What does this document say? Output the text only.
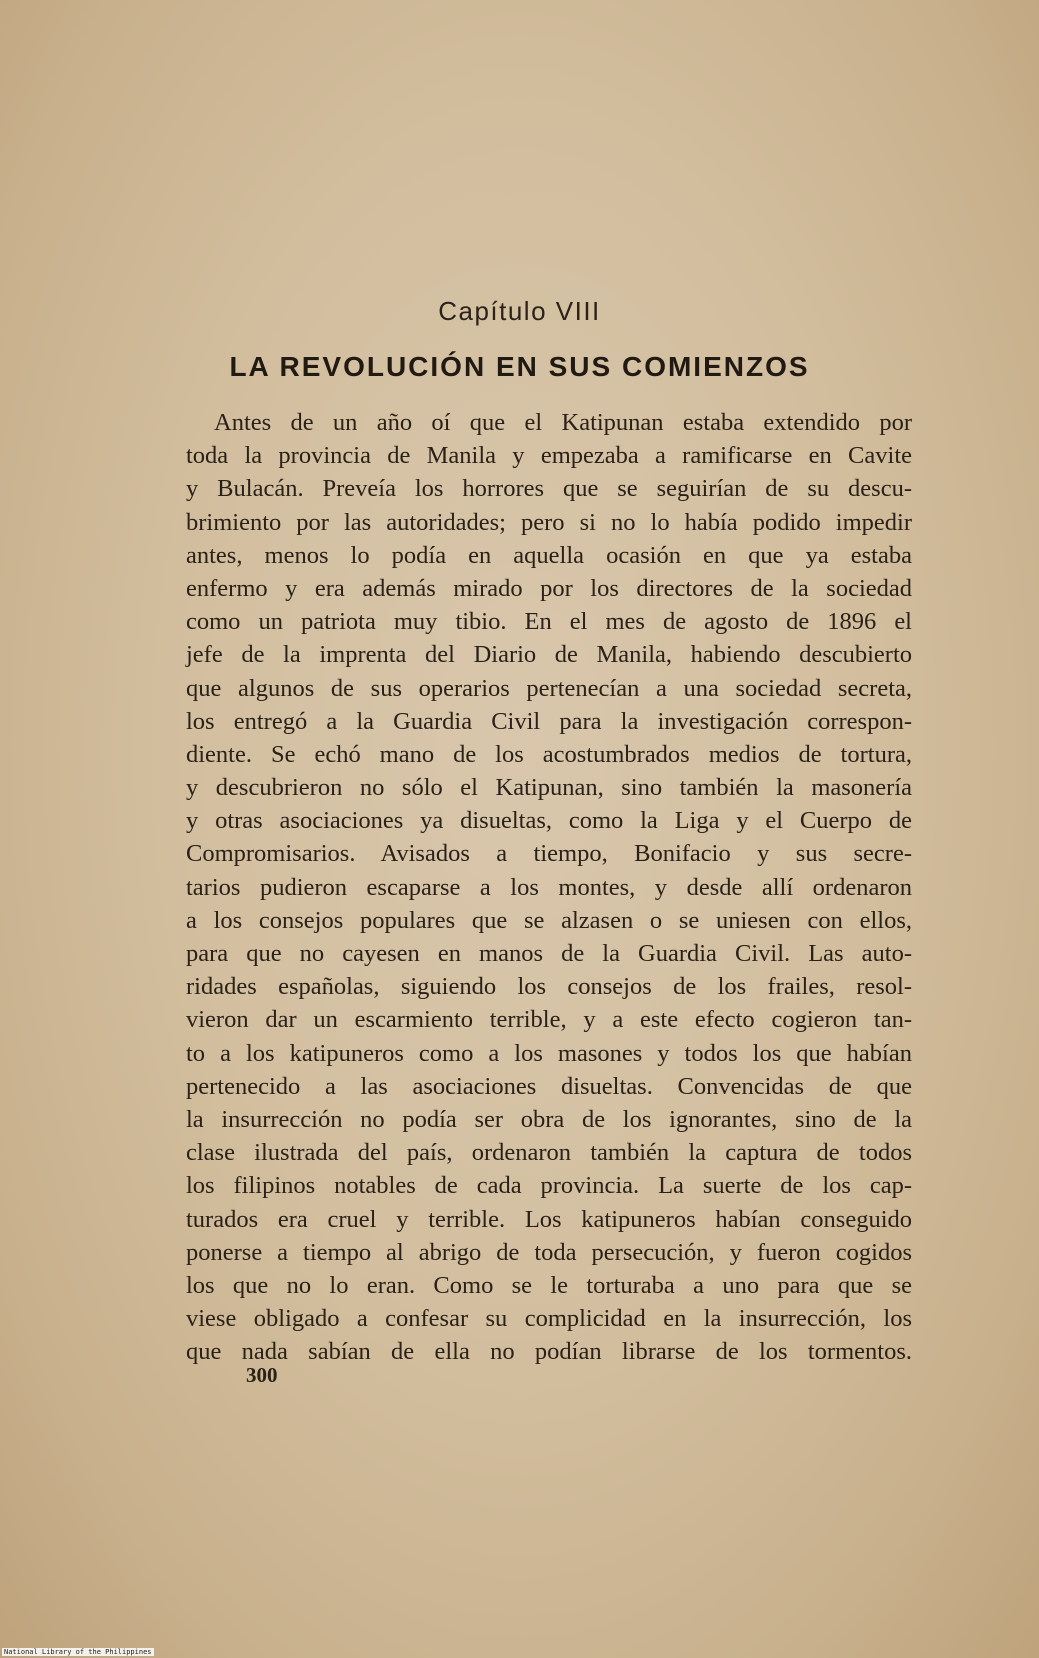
Capítulo VIII
LA REVOLUCIÓN EN SUS COMIENZOS
Antes de un año oí que el Katipunan estaba extendido por
toda la provincia de Manila y empezaba a ramificarse en Cavite
y Bulacán. Preveía los horrores que se seguirían de su descu-
brimiento por las autoridades; pero si no lo había podido impedir
antes, menos lo podía en aquella ocasión en que ya estaba
enfermo y era además mirado por los directores de la sociedad
como un patriota muy tibio. En el mes de agosto de 1896 el
jefe de la imprenta del Diario de Manila, habiendo descubierto
que algunos de sus operarios pertenecían a una sociedad secreta,
los entregó a la Guardia Civil para la investigación correspon-
diente. Se echó mano de los acostumbrados medios de tortura,
y descubrieron no sólo el Katipunan, sino también la masonería
y otras asociaciones ya disueltas, como la Liga y el Cuerpo de
Compromisarios. Avisados a tiempo, Bonifacio y sus secre-
tarios pudieron escaparse a los montes, y desde allí ordenaron
a los consejos populares que se alzasen o se uniesen con ellos,
para que no cayesen en manos de la Guardia Civil. Las auto-
ridades españolas, siguiendo los consejos de los frailes, resol-
vieron dar un escarmiento terrible, y a este efecto cogieron tan-
to a los katipuneros como a los masones y todos los que habían
pertenecido a las asociaciones disueltas. Convencidas de que
la insurrección no podía ser obra de los ignorantes, sino de la
clase ilustrada del país, ordenaron también la captura de todos
los filipinos notables de cada provincia. La suerte de los cap-
turados era cruel y terrible. Los katipuneros habían conseguido
ponerse a tiempo al abrigo de toda persecución, y fueron cogidos
los que no lo eran. Como se le torturaba a uno para que se
viese obligado a confesar su complicidad en la insurrección, los
que nada sabían de ella no podían librarse de los tormentos.
300
National Library of the Philippines
